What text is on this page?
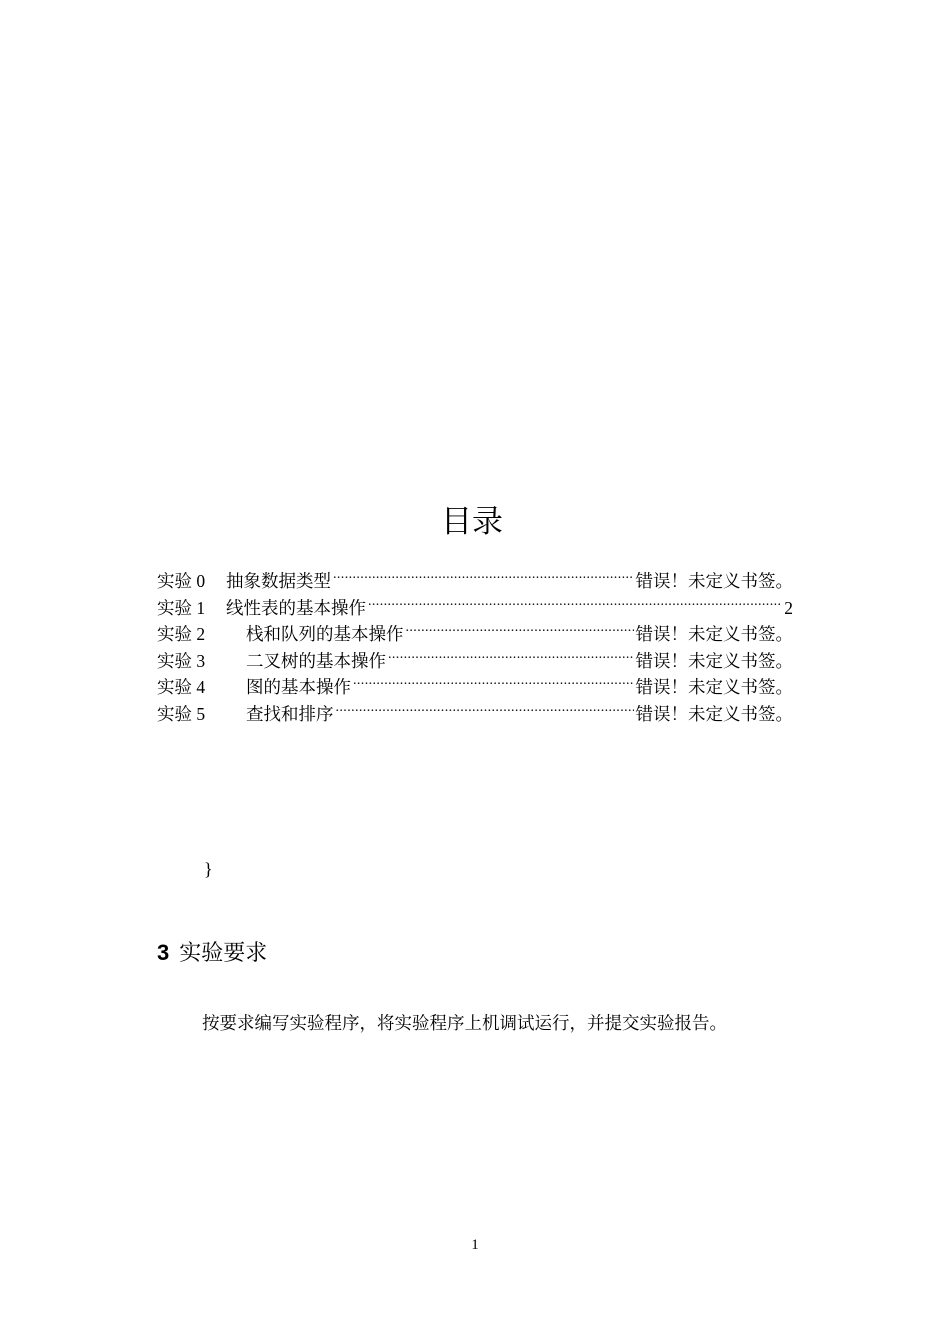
目录
实验 0	抽象数据类型 .....	错误！未定义书签。
实验 1	线性表的基本操作 .....	2
实验 2	栈和队列的基本操作 .....	错误！未定义书签。
实验 3	二叉树的基本操作 .....	错误！未定义书签。
实验 4	图的基本操作 .....	错误！未定义书签。
实验 5	查找和排序 .....	错误！未定义书签。

}

3 实验要求

按要求编写实验程序，将实验程序上机调试运行，并提交实验报告。

1
